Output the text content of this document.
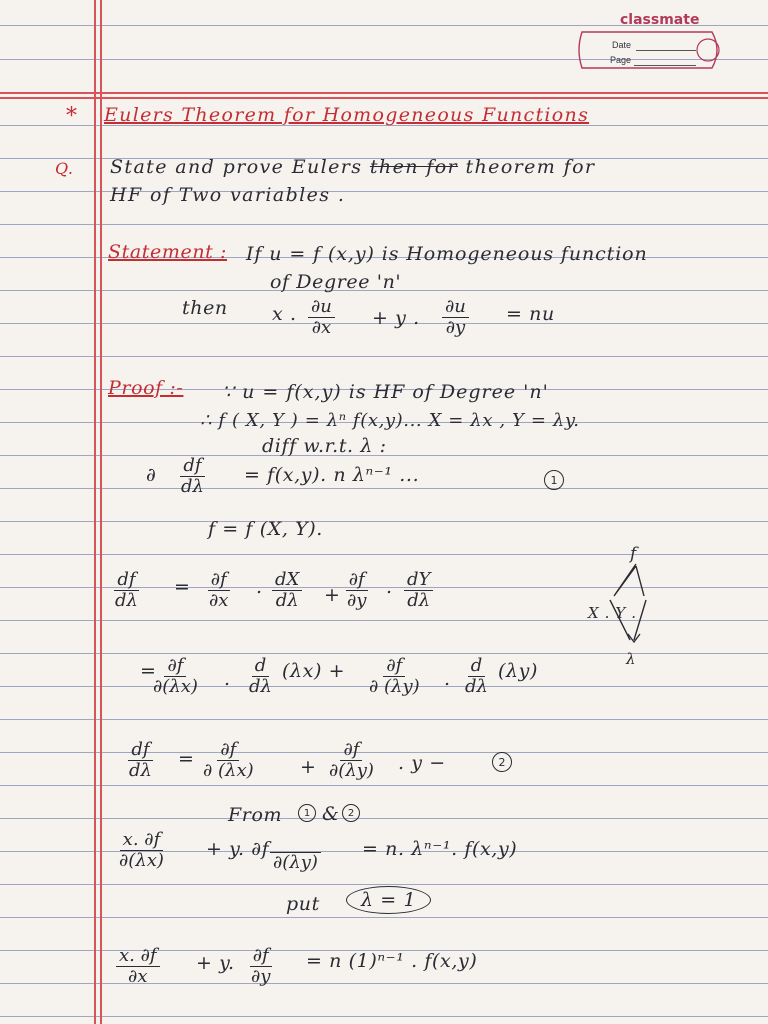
classmate
Date
Page
* Eulers Theorem for Homogeneous Functions
Q. State and prove Eulers then for theorem for
HF of Two variables .
Statement : If u = f (x,y) is Homogeneous function
of Degree 'n'
then x . $\frac{\partial u}{\partial x} + y$ . $\frac{\partial u}{\partial y}$ = nu
Proof :- ∵ u = f(x,y) is HF of Degree 'n'
∴ f ( X, Y ) = λⁿ f(x,y)... X = λx , Y = λy.
diff w.r.t. λ :
∂ $\frac{df}{d\lambda} = f(x,y)$. n λⁿ⁻¹ ...	1
f = f (X, Y).
f
X . Y .
λ
$\frac{df}{d\lambda} = \frac{\partial f}{\partial x}$ . $\frac{dX}{d\lambda} + \frac{\partial f}{\partial y}$ . $\frac{dY}{d\lambda}$
=
$\frac{\partial f}{\partial(\lambda x)}$ . $\frac{d}{d\lambda} (\lambda x) + \frac{\partial f}{\partial (\lambda y)}$ . $\frac{d}{d\lambda} (\lambda y)$
$\frac{df}{d\lambda} = \frac{\partial f}{\partial (\lambda x)} + \frac{\partial f}{\partial(\lambda y)}$ . y −	2
From	1 & 2
$\frac{x. \partial f}{\partial(\lambda x)} + y$. ∂f
∂(λy)
= n. λⁿ⁻¹. f(x,y)
put	λ = 1
$\frac{x. \partial f}{\partial x} + y$. $\frac{\partial f}{\partial y} = n$ (1)ⁿ⁻¹ . f(x,y)
